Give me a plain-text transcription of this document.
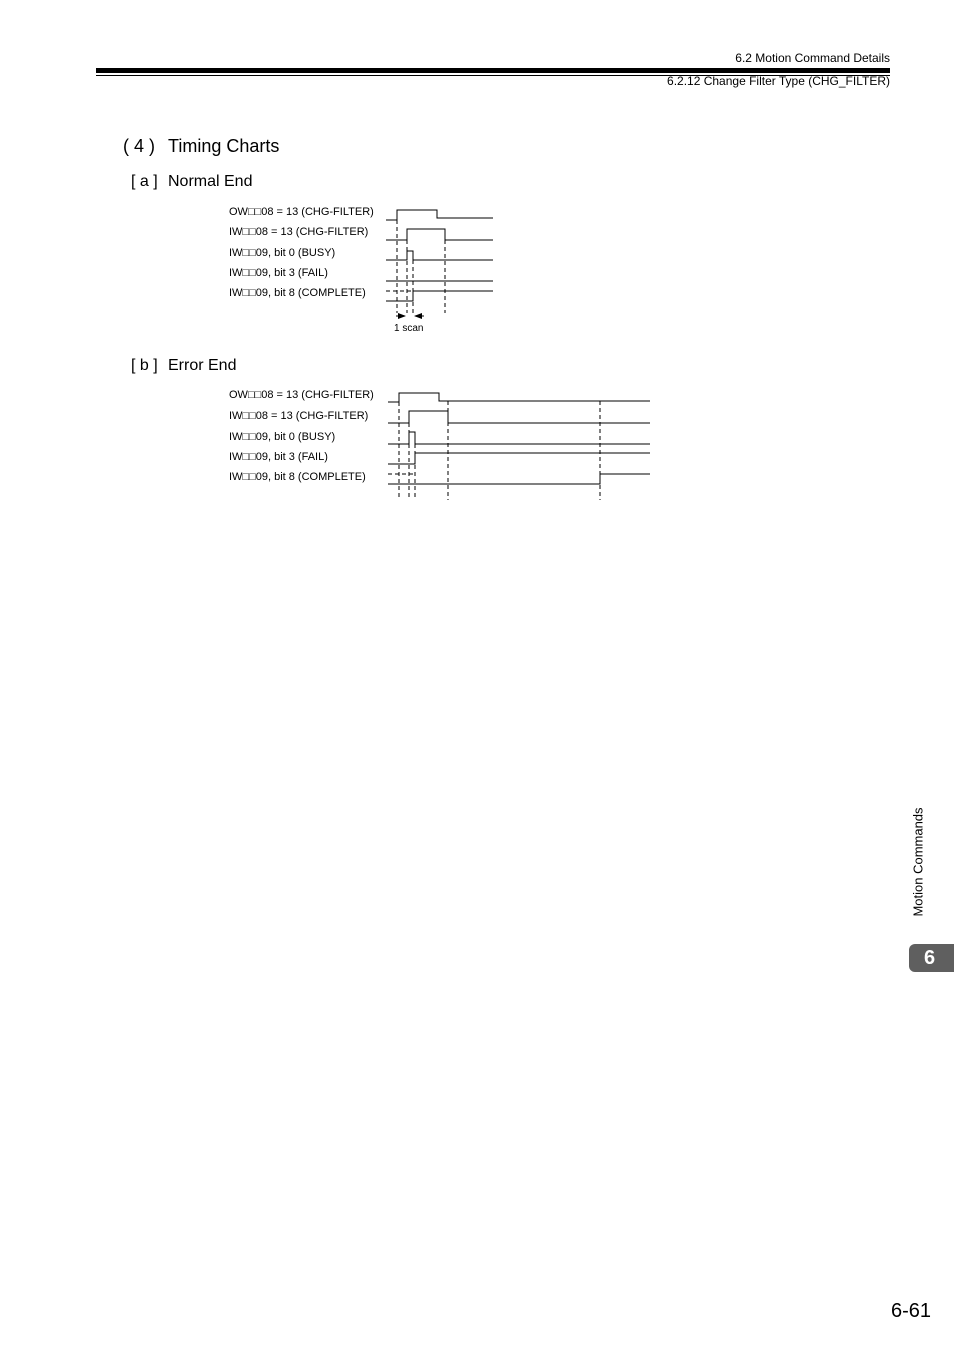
6.2 Motion Command Details
6.2.12 Change Filter Type (CHG_FILTER)
( 4 ) Timing Charts
[ a ] Normal End
[ b ] Error End
OW□□08 = 13 (CHG-FILTER)
IW□□08 = 13 (CHG-FILTER)
IW□□09, bit 0 (BUSY)
IW□□09, bit 3 (FAIL)
IW□□09, bit 8 (COMPLETE)
1 scan
OW□□08 = 13 (CHG-FILTER)
IW□□08 = 13 (CHG-FILTER)
IW□□09, bit 0 (BUSY)
IW□□09, bit 3 (FAIL)
IW□□09, bit 8 (COMPLETE)
Motion Commands
6
6-61
